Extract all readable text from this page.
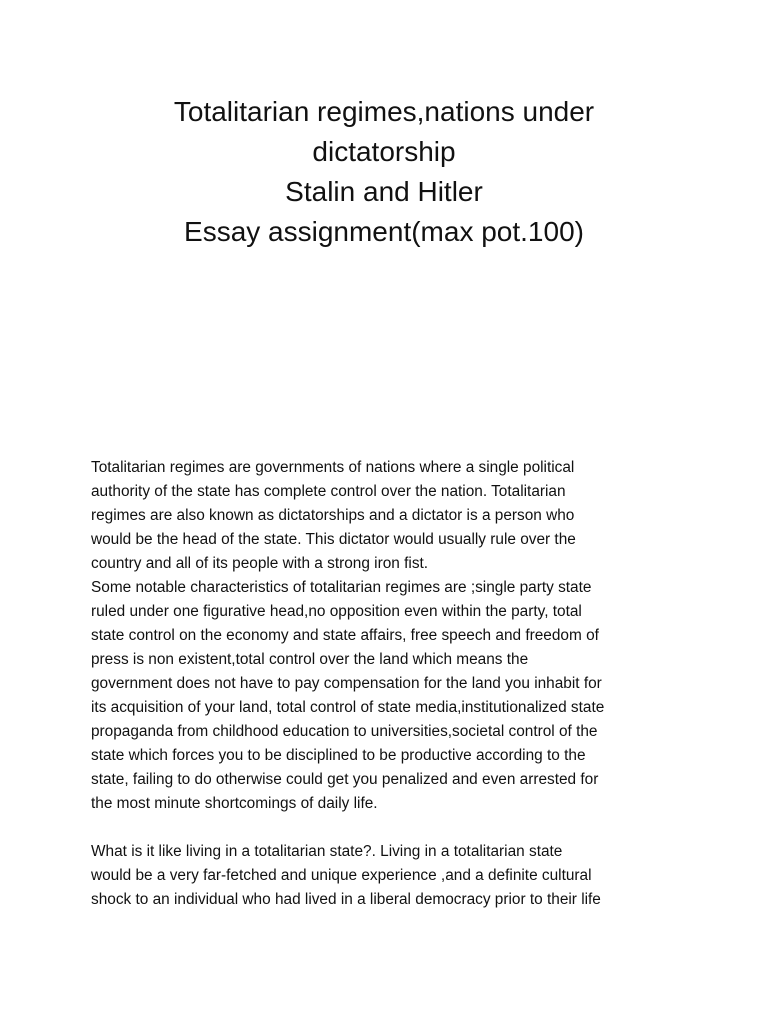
Totalitarian regimes,nations under
dictatorship
Stalin and Hitler
Essay assignment(max pot.100)
Totalitarian regimes are governments of nations where a single political
authority of the state has complete control over the nation. Totalitarian
regimes are also known as dictatorships and a dictator is a person who
would be the head of the state. This dictator would usually rule over the
country and all of its people with a strong iron fist.
Some notable characteristics of totalitarian regimes are ;single party state
ruled under one figurative head,no opposition even within the party, total
state control on the economy and state affairs, free speech and freedom of
press is non existent,total control over the land which means the
government does not have to pay compensation for the land you inhabit for
its acquisition of your land, total control of state media,institutionalized state
propaganda from childhood education to universities,societal control of the
state which forces you to be disciplined to be productive according to the
state, failing to do otherwise could get you penalized and even arrested for
the most minute shortcomings of daily life.
What is it like living in a totalitarian state?. Living in a totalitarian state
would be a very far-fetched and unique experience ,and a definite cultural
shock to an individual who had lived in a liberal democracy prior to their life
